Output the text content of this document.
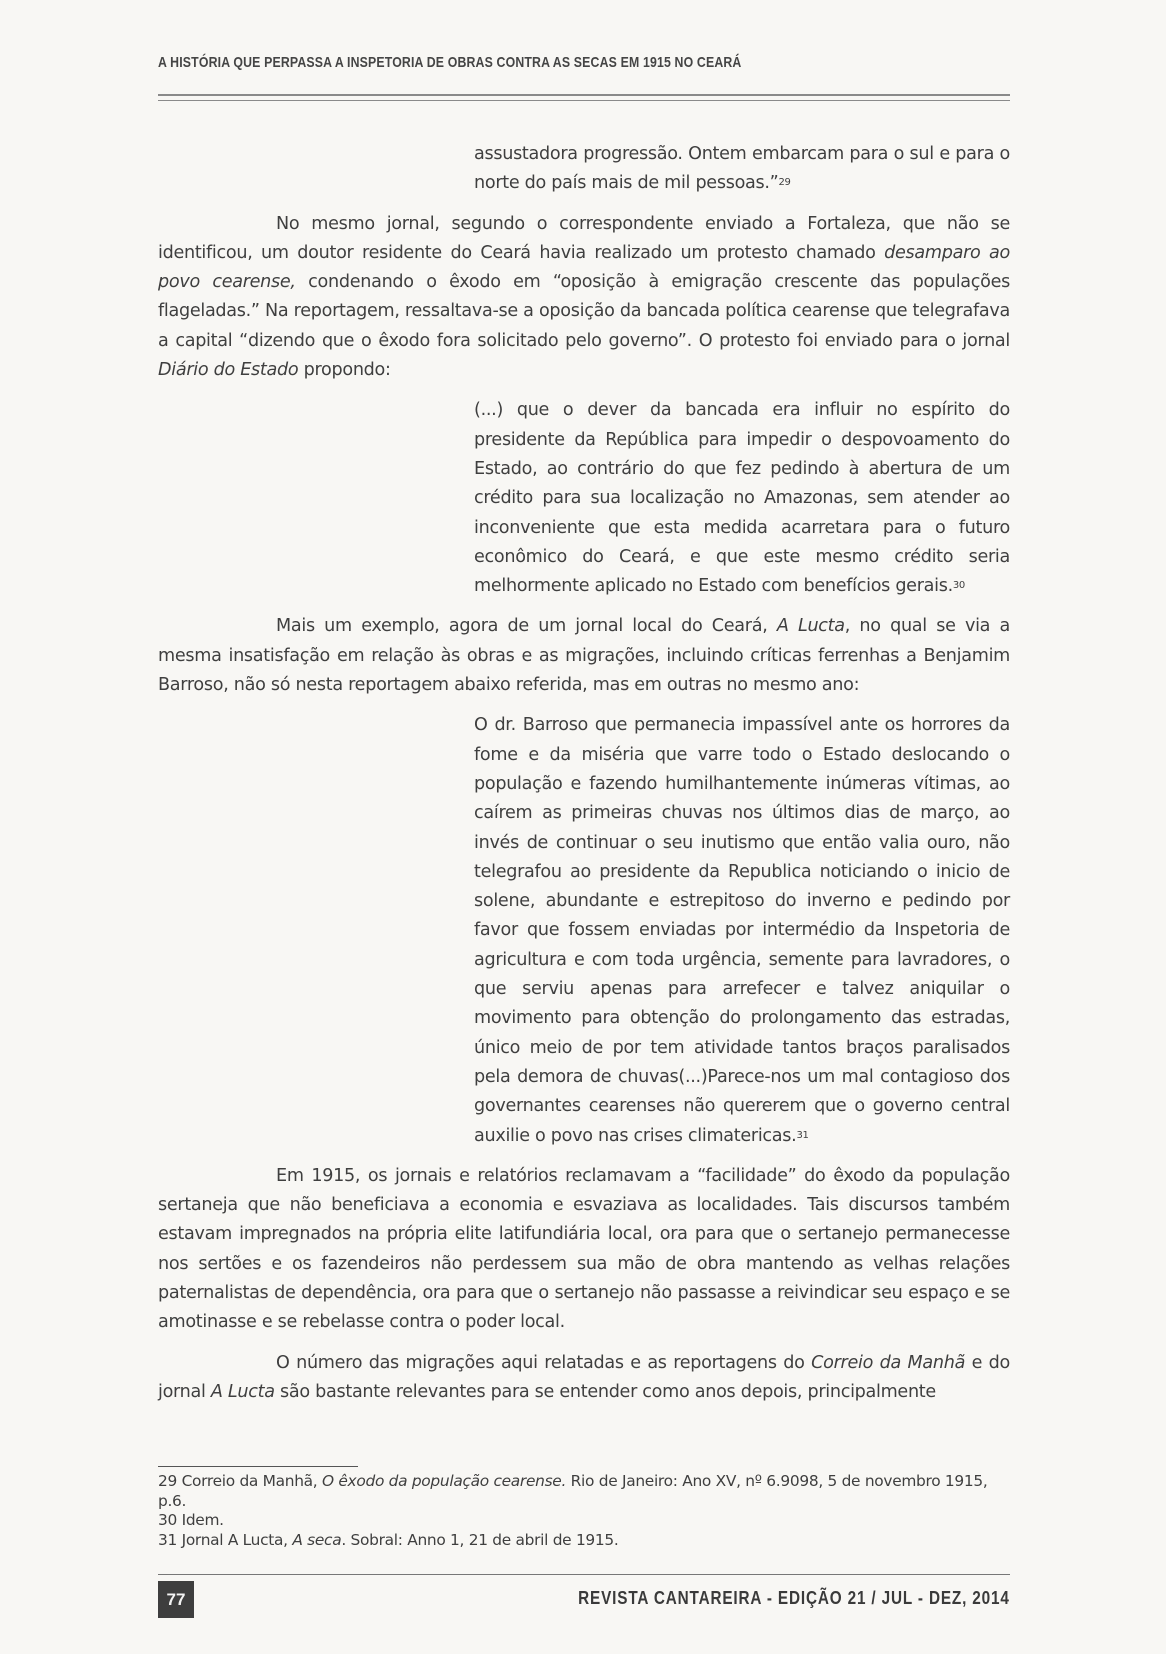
A HISTÓRIA QUE PERPASSA A INSPETORIA DE OBRAS CONTRA AS SECAS EM 1915 NO CEARÁ
assustadora progressão. Ontem embarcam para o sul e para o norte do país mais de mil pessoas.”$^{29}$

No mesmo jornal, segundo o correspondente enviado a Fortaleza, que não se identificou, um doutor residente do Ceará havia realizado um protesto chamado desamparo ao povo cearense, condenando o êxodo em “oposição à emigração crescente das populações flageladas.” Na reportagem, ressaltava-se a oposição da bancada política cearense que telegrafava a capital “dizendo que o êxodo fora solicitado pelo governo”. O protesto foi enviado para o jornal Diário do Estado propondo:

(...) que o dever da bancada era influir no espírito do presidente da República para impedir o despovoamento do Estado, ao contrário do que fez pedindo à abertura de um crédito para sua localização no Amazonas, sem atender ao inconveniente que esta medida acarretara para o futuro econômico do Ceará, e que este mesmo crédito seria melhormente aplicado no Estado com benefícios gerais.$^{30}$

Mais um exemplo, agora de um jornal local do Ceará, A Lucta, no qual se via a mesma insatisfação em relação às obras e as migrações, incluindo críticas ferrenhas a Benjamim Barroso, não só nesta reportagem abaixo referida, mas em outras no mesmo ano:

O dr. Barroso que permanecia impassível ante os horrores da fome e da miséria que varre todo o Estado deslocando o população e fazendo humilhantemente inúmeras vítimas, ao caírem as primeiras chuvas nos últimos dias de março, ao invés de continuar o seu inutismo que então valia ouro, não telegrafou ao presidente da Republica noticiando o inicio de solene, abundante e estrepitoso do inverno e pedindo por favor que fossem enviadas por intermédio da Inspetoria de agricultura e com toda urgência, semente para lavradores, o que serviu apenas para arrefecer e talvez aniquilar o movimento para obtenção do prolongamento das estradas, único meio de por tem atividade tantos braços paralisados pela demora de chuvas(...)Parece-nos um mal contagioso dos governantes cearenses não quererem que o governo central auxilie o povo nas crises climatericas.$^{31}$

Em 1915, os jornais e relatórios reclamavam a “facilidade” do êxodo da população sertaneja que não beneficiava a economia e esvaziava as localidades. Tais discursos também estavam impregnados na própria elite latifundiária local, ora para que o sertanejo permanecesse nos sertões e os fazendeiros não perdessem sua mão de obra mantendo as velhas relações paternalistas de dependência, ora para que o sertanejo não passasse a reivindicar seu espaço e se amotinasse e se rebelasse contra o poder local.

O número das migrações aqui relatadas e as reportagens do Correio da Manhã e do jornal A Lucta são bastante relevantes para se entender como anos depois, principalmente

29 Correio da Manhã, O êxodo da população cearense. Rio de Janeiro: Ano XV, nº 6.9098, 5 de novembro 1915, p.6.

30 Idem.

31 Jornal A Lucta, A seca. Sobral: Anno 1, 21 de abril de 1915.

77	REVISTA CANTAREIRA - EDIÇÃO 21 / JUL - DEZ, 2014
